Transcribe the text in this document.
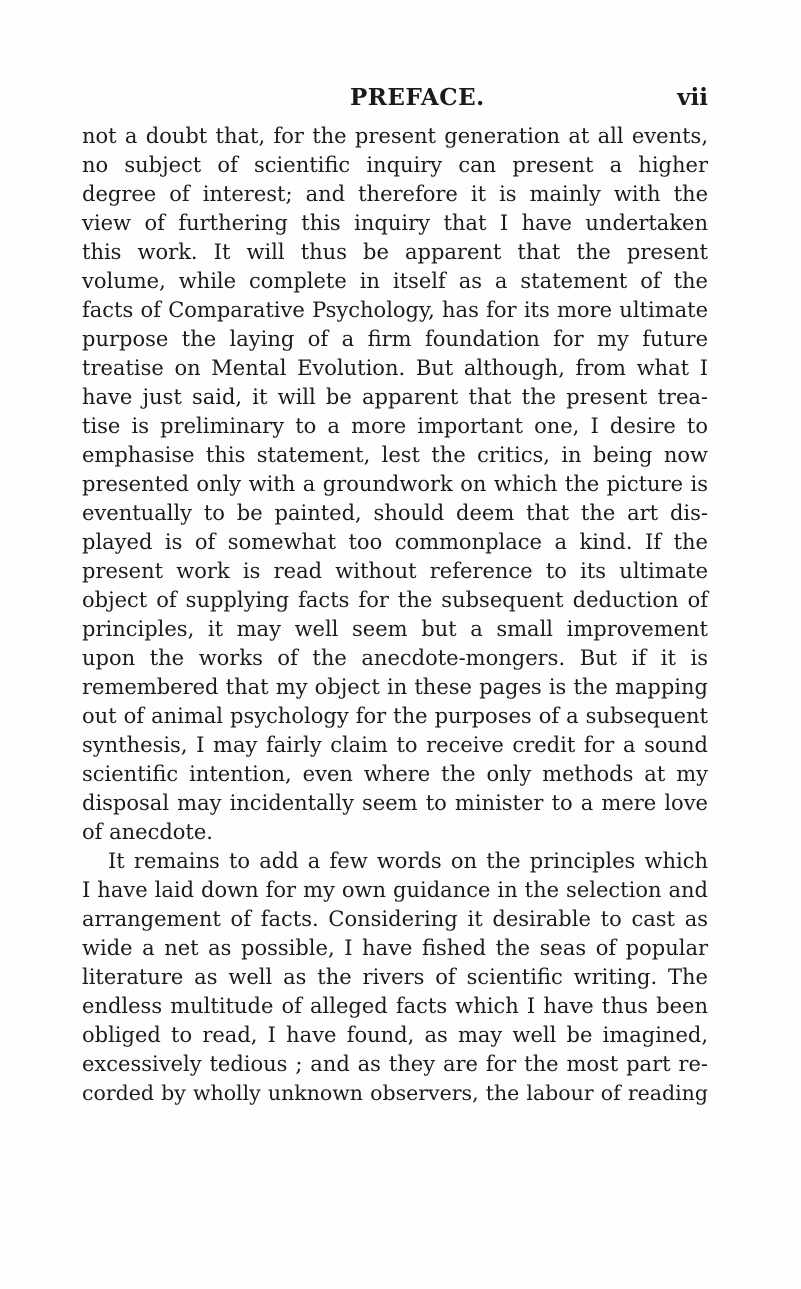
PREFACE.	vii
not a doubt that, for the present generation at all events,
no subject of scientific inquiry can present a higher
degree of interest; and therefore it is mainly with the
view of furthering this inquiry that I have undertaken
this work. It will thus be apparent that the present
volume, while complete in itself as a statement of the
facts of Comparative Psychology, has for its more ultimate
purpose the laying of a firm foundation for my future
treatise on Mental Evolution. But although, from what I
have just said, it will be apparent that the present trea-
tise is preliminary to a more important one, I desire to
emphasise this statement, lest the critics, in being now
presented only with a groundwork on which the picture is
eventually to be painted, should deem that the art dis-
played is of somewhat too commonplace a kind. If the
present work is read without reference to its ultimate
object of supplying facts for the subsequent deduction of
principles, it may well seem but a small improvement
upon the works of the anecdote-mongers. But if it is
remembered that my object in these pages is the mapping
out of animal psychology for the purposes of a subsequent
synthesis, I may fairly claim to receive credit for a sound
scientific intention, even where the only methods at my
disposal may incidentally seem to minister to a mere love
of anecdote.
It remains to add a few words on the principles which
I have laid down for my own guidance in the selection and
arrangement of facts. Considering it desirable to cast as
wide a net as possible, I have fished the seas of popular
literature as well as the rivers of scientific writing. The
endless multitude of alleged facts which I have thus been
obliged to read, I have found, as may well be imagined,
excessively tedious ; and as they are for the most part re-
corded by wholly unknown observers, the labour of reading
